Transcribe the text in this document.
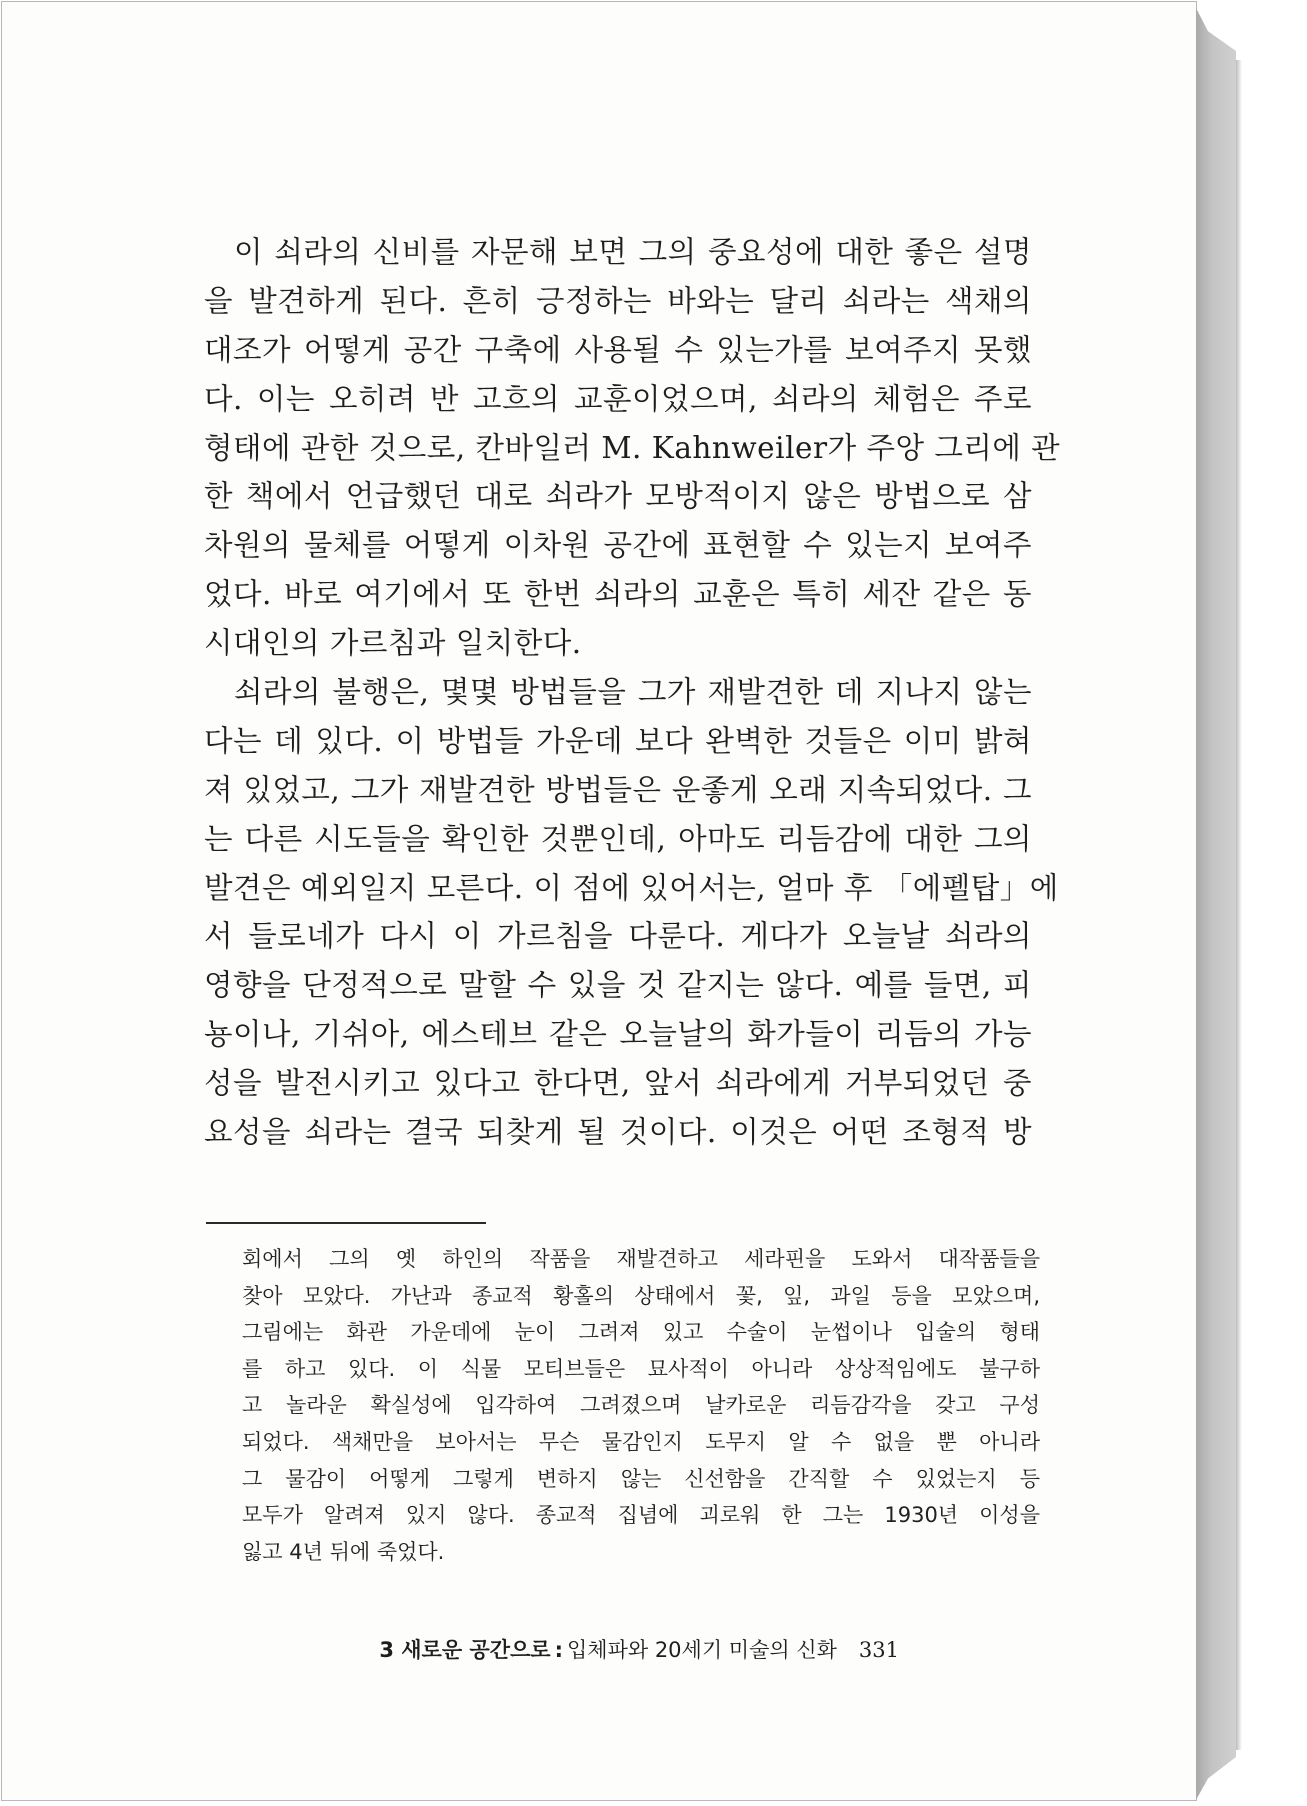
이 쇠라의 신비를 자문해 보면 그의 중요성에 대한 좋은 설명
을 발견하게 된다. 흔히 긍정하는 바와는 달리 쇠라는 색채의
대조가 어떻게 공간 구축에 사용될 수 있는가를 보여주지 못했
다. 이는 오히려 반 고흐의 교훈이었으며, 쇠라의 체험은 주로
형태에 관한 것으로, 칸바일러 M. Kahnweiler가 주앙 그리에 관
한 책에서 언급했던 대로 쇠라가 모방적이지 않은 방법으로 삼
차원의 물체를 어떻게 이차원 공간에 표현할 수 있는지 보여주
었다. 바로 여기에서 또 한번 쇠라의 교훈은 특히 세잔 같은 동
시대인의 가르침과 일치한다.
쇠라의 불행은, 몇몇 방법들을 그가 재발견한 데 지나지 않는
다는 데 있다. 이 방법들 가운데 보다 완벽한 것들은 이미 밝혀
져 있었고, 그가 재발견한 방법들은 운좋게 오래 지속되었다. 그
는 다른 시도들을 확인한 것뿐인데, 아마도 리듬감에 대한 그의
발견은 예외일지 모른다. 이 점에 있어서는, 얼마 후 「에펠탑」에
서 들로네가 다시 이 가르침을 다룬다. 게다가 오늘날 쇠라의
영향을 단정적으로 말할 수 있을 것 같지는 않다. 예를 들면, 피
뇽이나, 기쉬아, 에스테브 같은 오늘날의 화가들이 리듬의 가능
성을 발전시키고 있다고 한다면, 앞서 쇠라에게 거부되었던 중
요성을 쇠라는 결국 되찾게 될 것이다. 이것은 어떤 조형적 방
회에서 그의 옛 하인의 작품을 재발견하고 세라핀을 도와서 대작품들을
찾아 모았다. 가난과 종교적 황홀의 상태에서 꽃, 잎, 과일 등을 모았으며,
그림에는 화관 가운데에 눈이 그려져 있고 수술이 눈썹이나 입술의 형태
를 하고 있다. 이 식물 모티브들은 묘사적이 아니라 상상적임에도 불구하
고 놀라운 확실성에 입각하여 그려졌으며 날카로운 리듬감각을 갖고 구성
되었다. 색채만을 보아서는 무슨 물감인지 도무지 알 수 없을 뿐 아니라
그 물감이 어떻게 그렇게 변하지 않는 신선함을 간직할 수 있었는지 등
모두가 알려져 있지 않다. 종교적 집념에 괴로워 한 그는 1930년 이성을
잃고 4년 뒤에 죽었다.
3 새로운 공간으로 : 입체파와 20세기 미술의 신화 331
